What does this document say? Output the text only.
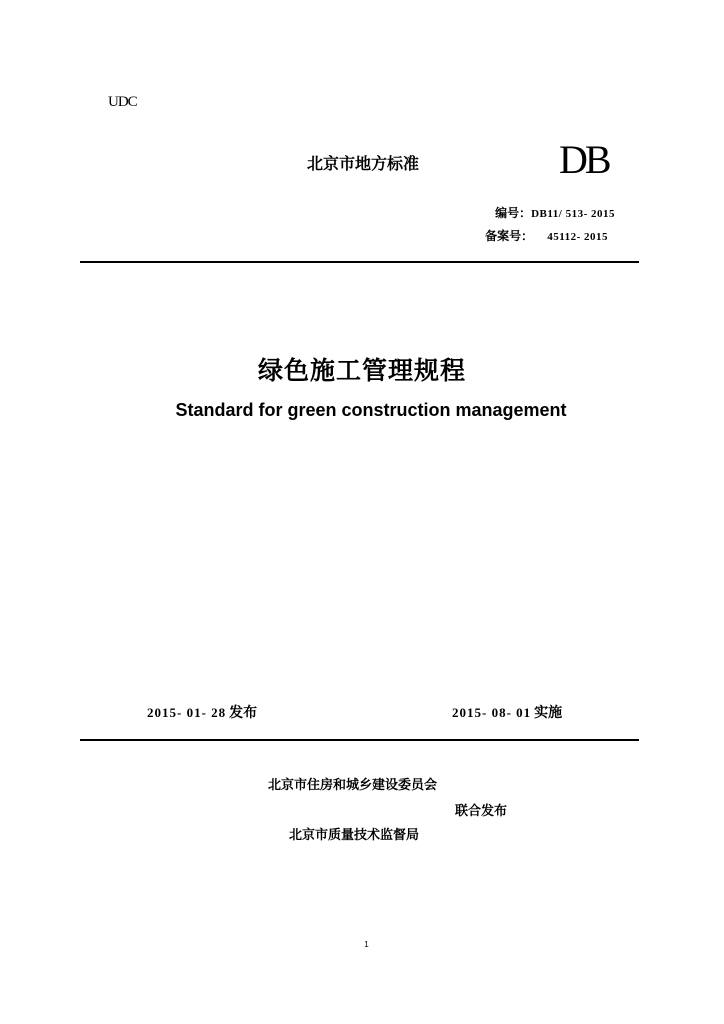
UDC
北京市地方标准	DB
编号：DB11/ 513- 2015
备案号： 45112- 2015
绿色施工管理规程
Standard for green construction management
2015- 01- 28 发布	2015- 08- 01 实施
北京市住房和城乡建设委员会
联合发布
北京市质量技术监督局
1
